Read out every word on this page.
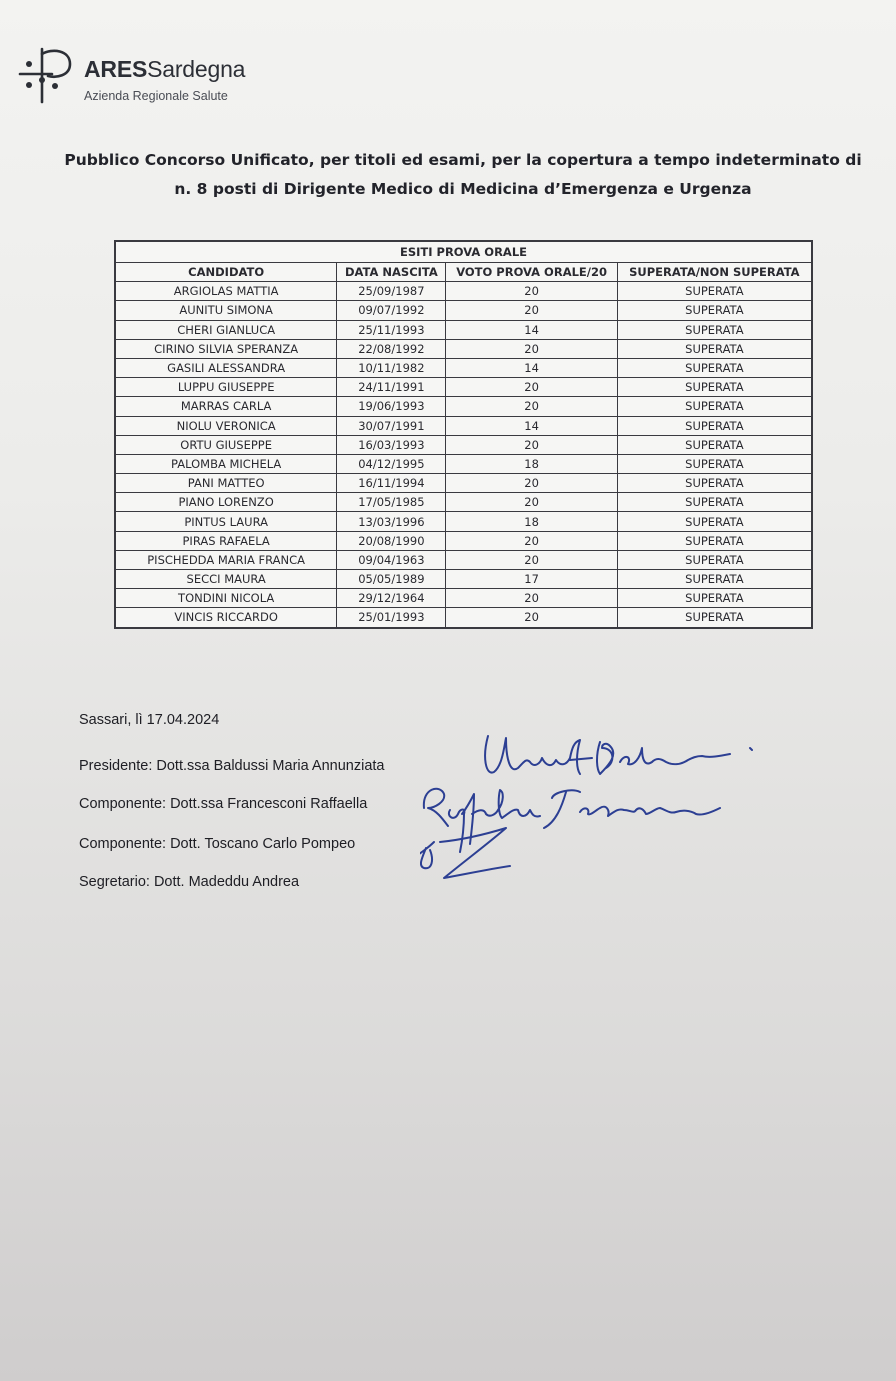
ARESSardegna
Azienda Regionale Salute
Pubblico Concorso Unificato, per titoli ed esami, per la copertura a tempo indeterminato di
n. 8 posti di Dirigente Medico di Medicina d’Emergenza e Urgenza
ESITI PROVA ORALE			
CANDIDATO	DATA NASCITA	VOTO PROVA ORALE/20	SUPERATA/NON SUPERATA
ARGIOLAS MATTIA	25/09/1987	20	SUPERATA
AUNITU SIMONA	09/07/1992	20	SUPERATA
CHERI GIANLUCA	25/11/1993	14	SUPERATA
CIRINO SILVIA SPERANZA	22/08/1992	20	SUPERATA
GASILI ALESSANDRA	10/11/1982	14	SUPERATA
LUPPU GIUSEPPE	24/11/1991	20	SUPERATA
MARRAS CARLA	19/06/1993	20	SUPERATA
NIOLU VERONICA	30/07/1991	14	SUPERATA
ORTU GIUSEPPE	16/03/1993	20	SUPERATA
PALOMBA MICHELA	04/12/1995	18	SUPERATA
PANI MATTEO	16/11/1994	20	SUPERATA
PIANO LORENZO	17/05/1985	20	SUPERATA
PINTUS LAURA	13/03/1996	18	SUPERATA
PIRAS RAFAELA	20/08/1990	20	SUPERATA
PISCHEDDA MARIA FRANCA	09/04/1963	20	SUPERATA
SECCI MAURA	05/05/1989	17	SUPERATA
TONDINI NICOLA	29/12/1964	20	SUPERATA
VINCIS RICCARDO	25/01/1993	20	SUPERATA
Sassari, lì 17.04.2024
Presidente: Dott.ssa Baldussi Maria Annunziata
Componente: Dott.ssa Francesconi Raffaella
Componente: Dott. Toscano Carlo Pompeo
Segretario: Dott. Madeddu Andrea
